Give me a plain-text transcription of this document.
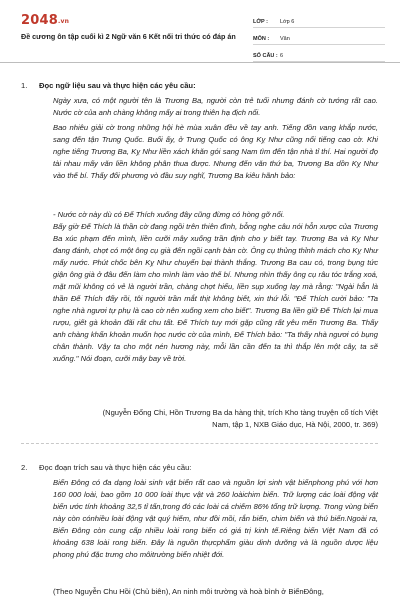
2048.vn
Đề cương ôn tập cuối kì 2 Ngữ văn 6 Kết nối tri thức có đáp án
LỚP :	Lớp 6
MÔN :	Văn
SỐ CÂU : 6
1. Đọc ngữ liệu sau và thực hiện các yêu cầu:

Ngày xưa, có một người tên là Trương Ba, người còn trẻ tuổi nhưng đánh cờ tướng rất cao. Nước cờ của anh chàng không mấy ai trong thiên hạ địch nổi.

Bao nhiêu giải cờ trong những hội hè mùa xuân đều về tay anh. Tiếng đồn vang khắp nước, sang đến tận Trung Quốc. Buổi ấy, ở Trung Quốc có ông Kỵ Như cũng nổi tiếng cao cờ. Khi nghe tiếng Trương Ba, Kỵ Như liền xách khăn gói sang Nam tìm đến tận nhà tỉ thí. Hai người đọ tài nhau mấy văn liền không phân thua được. Nhưng đến văn thứ ba, Trương Ba dồn Kỵ Như vào thế bí. Thấy đối phương vò đầu suy nghĩ, Trương Ba kiêu hãnh bảo:

- Nước cờ này dù có Đế Thích xuống đây cũng đừng có hòng gỡ nổi.

Bấy giờ Đế Thích là thần cờ đang ngồi trên thiên đình, bỗng nghe câu nói hỗn xược của Trương Ba xúc phạm đến mình, liền cưỡi mây xuống trần định cho y biết tay. Trương Ba và Kỵ Như đang đánh, chợt có một ông cụ già đến ngồi cạnh bàn cờ. Ông cụ thủng thỉnh mách cho Kỵ Như mấy nước. Phút chốc bên Kỵ Như chuyển bại thành thắng. Trương Ba cau có, trong bụng tức giận ông già ở đâu đến làm cho mình làm vào thế bí. Nhưng nhìn thấy ông cụ râu tóc trắng xoá, mặt mũi không có vẻ là người trần, chàng chợt hiểu, liền sụp xuống lạy mà rằng: "Ngài hẳn là thần Đế Thích đấy rồi, tôi người trần mắt thịt không biết, xin thứ lỗi. "Đế Thích cười bảo: "Ta nghe nhà ngươi tự phụ là cao cờ nên xuống xem cho biết". Trương Ba liền giữ Đế Thích lại mua rượu, giết gà khoản đãi rất chu tất. Đế Thích tuy mới gặp cũng rất yêu mến Trương Ba. Thấy anh chàng khẩn khoản muốn học nước cờ của mình, Đế Thích bảo: "Ta thấy nhà ngươi có bụng chân thành. Vậy ta cho một nén hương này, mỗi lần cần đến ta thì thắp lên một cây, ta sẽ xuống." Nói đoạn, cưỡi mây bay về trời.

(Nguyễn Đổng Chi, Hồn Trương Ba da hàng thịt, trích Kho tàng truyện cổ tích Việt Nam, tập 1, NXB Giáo dục, Hà Nội, 2000, tr. 369)

2. Đọc đoạn trích sau và thực hiện các yêu cầu:

Biển Đông có đa dạng loài sinh vật biển rất cao và nguồn lợi sinh vật biểnphong phú với hơn 160 000 loài, bao gồm 10 000 loài thực vật và 260 loàichim biển. Trữ lượng các loài động vật biển ước tính khoảng 32,5 tỉ tấn,trong đó các loài cá chiếm 86% tổng trữ lượng. Trong vùng biển này còn cónhiều loài động vật quý hiếm, như đồi mồi, rắn biển, chim biển và thú biển.Ngoài ra, Biển Đông còn cung cấp nhiều loài rong biển có giá trị kinh tế.Riêng biển Việt Nam đã có khoảng 638 loài rong biển. Đây là nguồn thựcphẩm giàu dinh dưỡng và là nguồn dược liệu phong phú đặc trưng cho môitrường biển nhiệt đới.

(Theo Nguyễn Chu Hồi (Chủ biên), An ninh môi trường và hoà bình ở BiểnĐông,
